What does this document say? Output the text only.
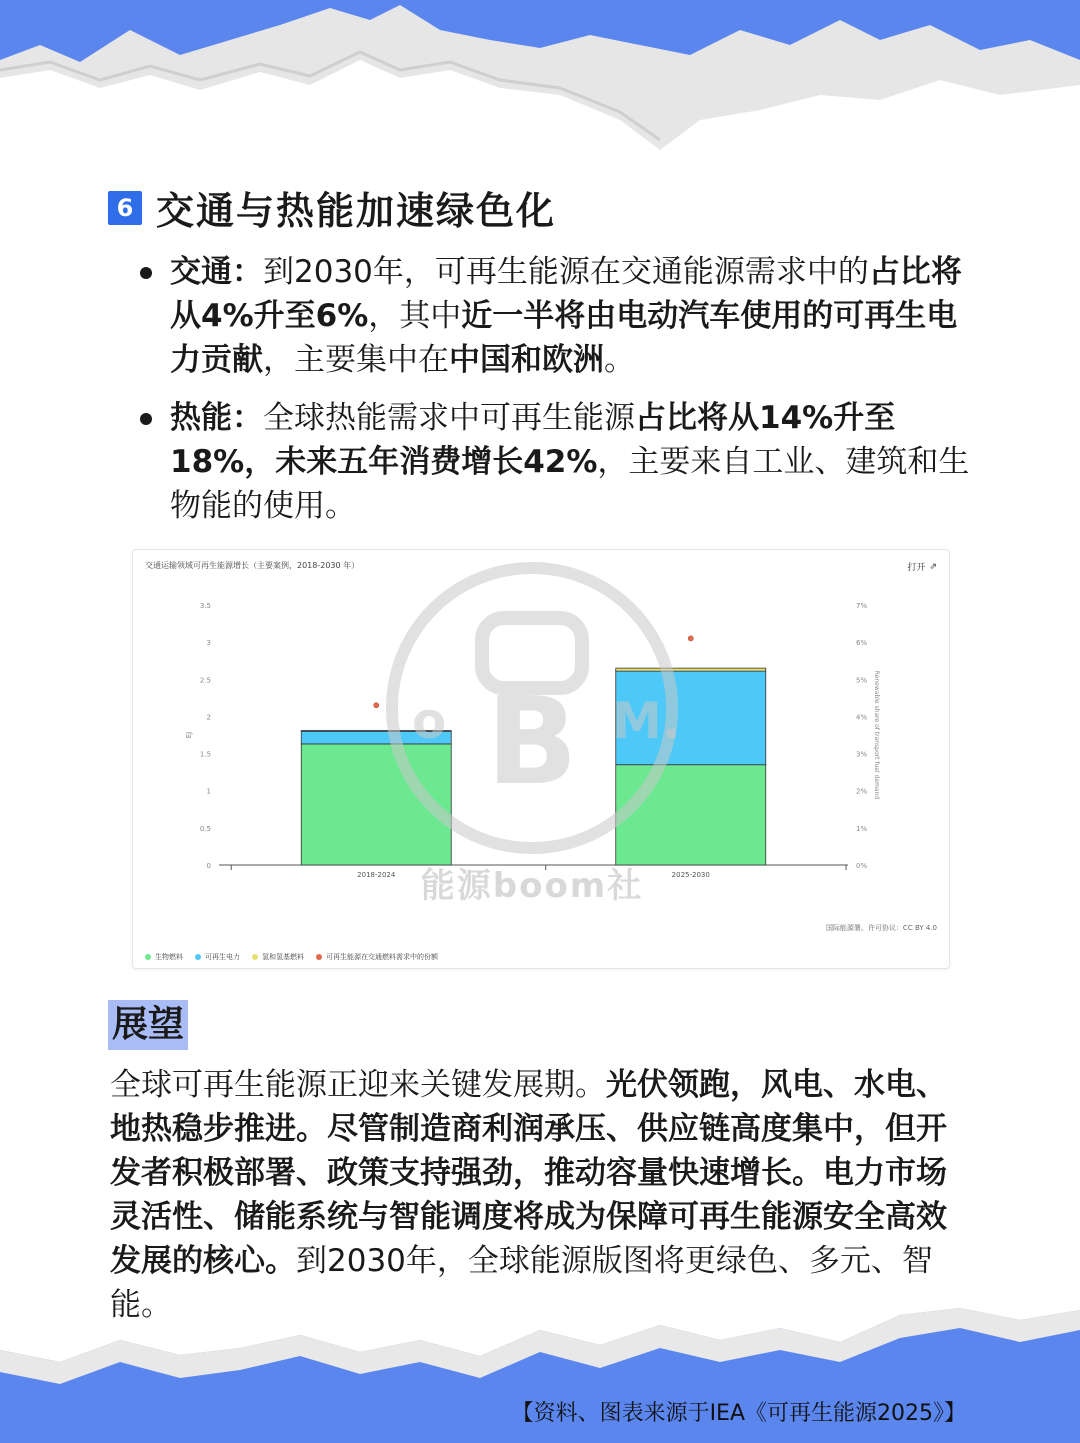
6 交通与热能加速绿色化
交通：到2030年，可再生能源在交通能源需求中的占比将从4%升至6%，其中近一半将由电动汽车使用的可再生电力贡献，主要集中在中国和欧洲。
热能：全球热能需求中可再生能源占比将从14%升至18%，未来五年消费增长42%，主要来自工业、建筑和生物能的使用。
交通运输领域可再生能源增长（主要案例，2018-2030 年）	打开 ⇗
0
0.5
1
1.5
2
2.5
3
3.5
0%
1%
2%
3%
4%
5%
6%
7%
EJ	Renewable share of transport fuel demand
2018-2024	2025-2030
国际能源署。许可协议：CC BY 4.0
生物燃料	可再生电力	氢和氢基燃料	可再生能源在交通燃料需求中的份额
B M.
o
能源boom社
展望
全球可再生能源正迎来关键发展期。光伏领跑，风电、水电、地热稳步推进。尽管制造商利润承压、供应链高度集中，但开发者积极部署、政策支持强劲，推动容量快速增长。电力市场灵活性、储能系统与智能调度将成为保障可再生能源安全高效发展的核心。到2030年，全球能源版图将更绿色、多元、智能。
【资料、图表来源于IEA《可再生能源2025》】
